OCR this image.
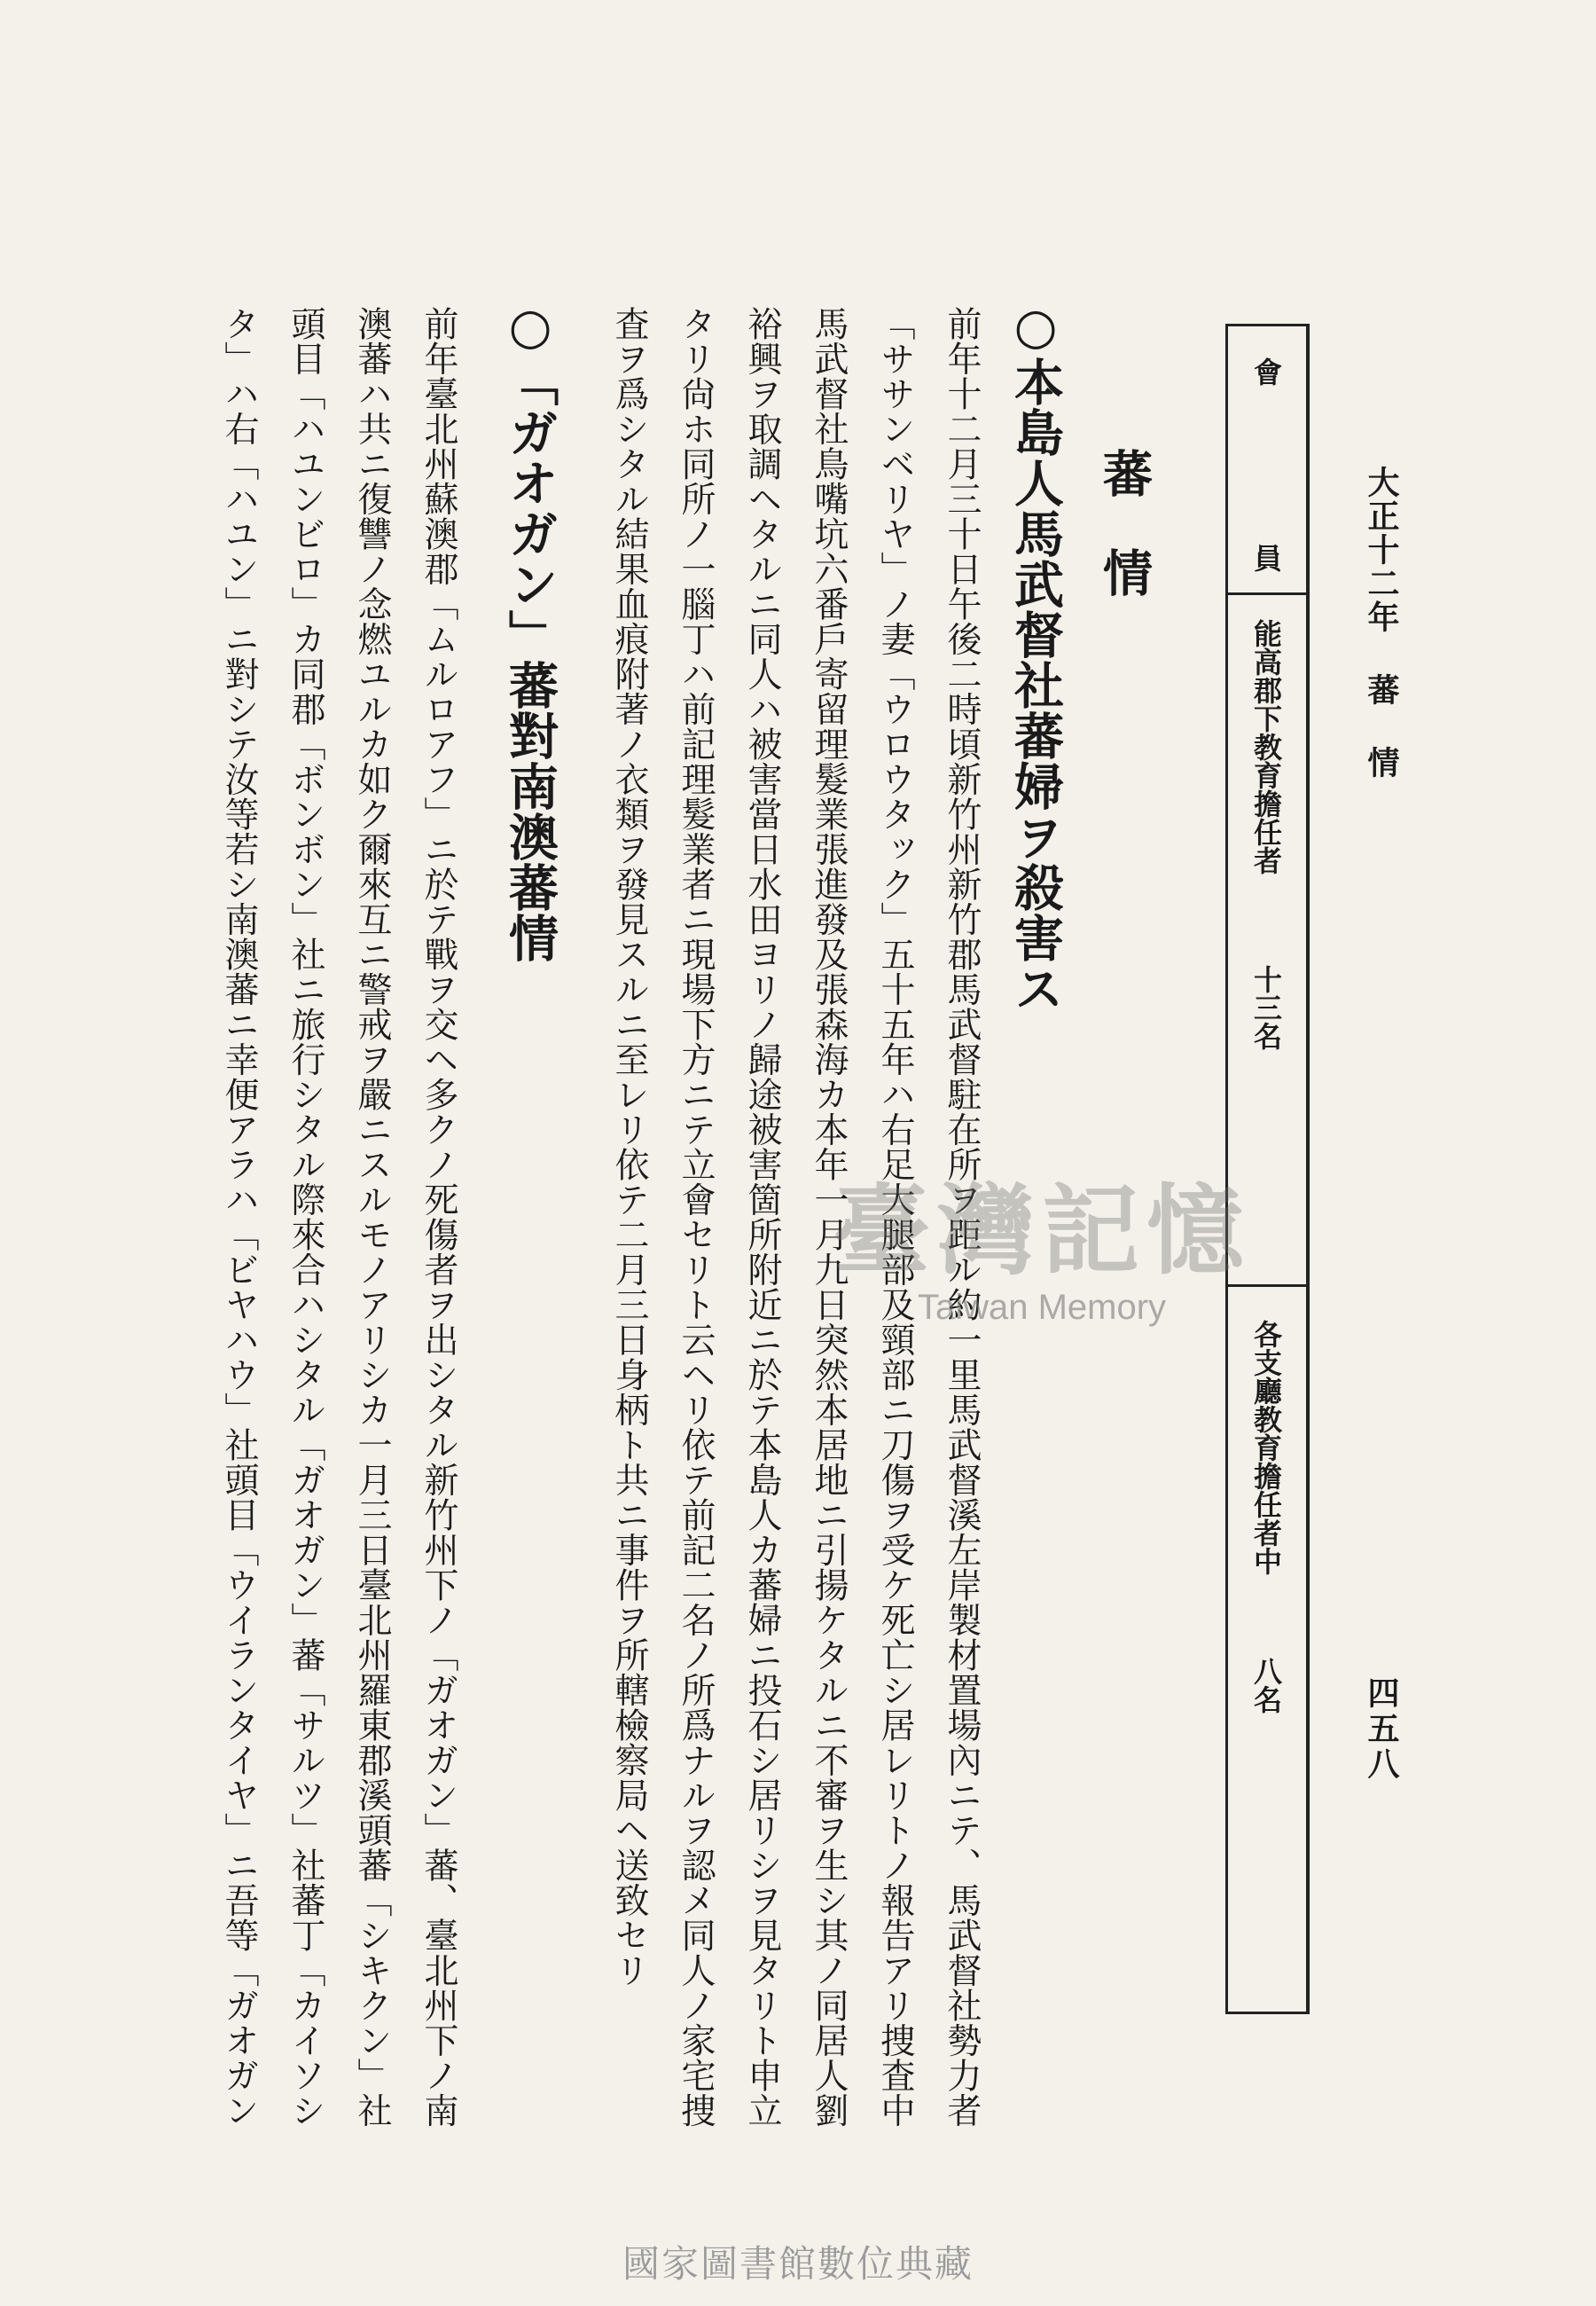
大正十二年 蕃 情
四五八
會 員
能高郡下教育擔任者
十三名
各支廳教育擔任者中
八名
蕃情
○本島人馬武督社蕃婦ヲ殺害ス
前年十二月三十日午後二時頃新竹州新竹郡馬武督駐在所ヲ距ル約一里馬武督溪左岸製材置場內ニテ、馬武督社勢力者
「ササンベリヤ」ノ妻「ウロウタック」五十五年ハ右足大腿部及頸部ニ刀傷ヲ受ケ死亡シ居レリトノ報告アリ捜査中
馬武督社鳥嘴坑六番戶寄留理髮業張進發及張森海カ本年一月九日突然本居地ニ引揚ケタルニ不審ヲ生シ其ノ同居人劉
裕興ヲ取調ヘタルニ同人ハ被害當日水田ヨリノ歸途被害箇所附近ニ於テ本島人カ蕃婦ニ投石シ居リシヲ見タリト申立
タリ尙ホ同所ノ一腦丁ハ前記理髮業者ニ現場下方ニテ立會セリト云ヘリ依テ前記二名ノ所爲ナルヲ認メ同人ノ家宅捜
査ヲ爲シタル結果血痕附著ノ衣類ヲ發見スルニ至レリ依テ二月三日身柄ト共ニ事件ヲ所轄檢察局ヘ送致セリ
○「ガオガン」蕃對南澳蕃情
前年臺北州蘇澳郡「ムルロアフ」ニ於テ戰ヲ交ヘ多クノ死傷者ヲ出シタル新竹州下ノ「ガオガン」蕃、臺北州下ノ南
澳蕃ハ共ニ復讐ノ念燃ユルカ如ク爾來互ニ警戒ヲ嚴ニスルモノアリシカ一月三日臺北州羅東郡溪頭蕃「シキクン」社
頭目「ハユンビロ」カ同郡「ボンボン」社ニ旅行シタル際來合ハシタル「ガオガン」蕃「サルツ」社蕃丁「カイソシ
タ」ハ右「ハユン」ニ對シテ汝等若シ南澳蕃ニ幸便アラハ「ビヤハウ」社頭目「ウイランタイヤ」ニ吾等「ガオガン	臺灣記憶
Taiwan Memory
國家圖書館數位典藏
